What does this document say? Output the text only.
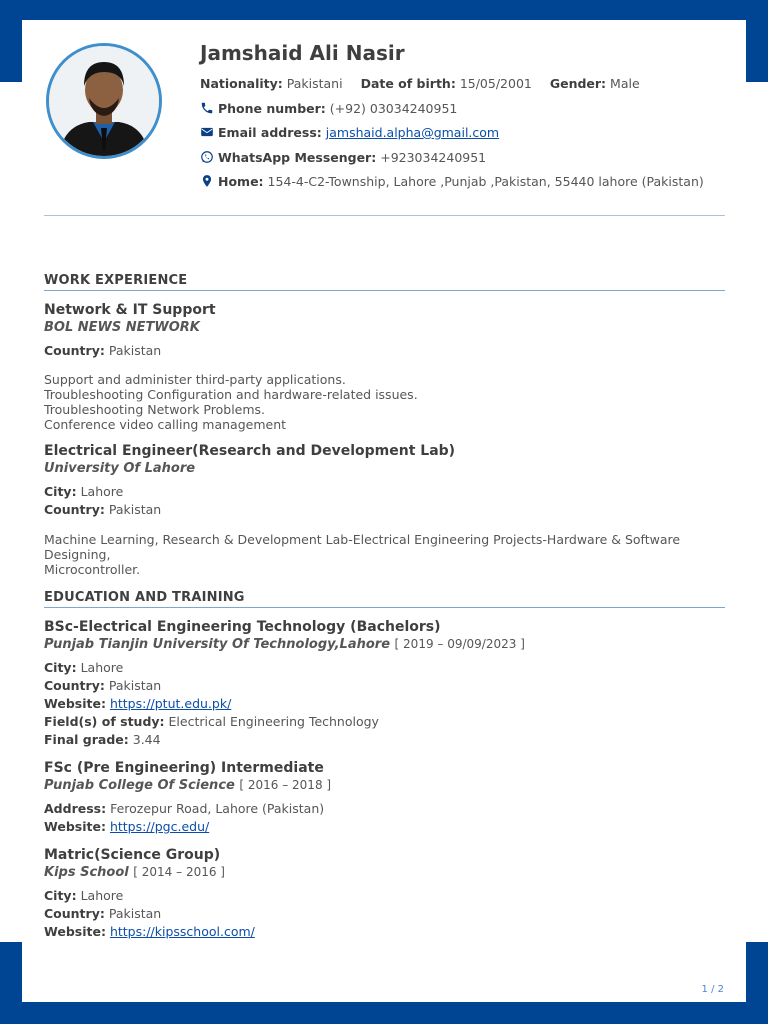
Jamshaid Ali Nasir
Nationality: Pakistani Date of birth: 15/05/2001 Gender: Male
Phone number: (+92) 03034240951
Email address: jamshaid.alpha@gmail.com
WhatsApp Messenger: +923034240951
Home: 154-4-C2-Township, Lahore ,Punjab ,Pakistan, 55440 lahore (Pakistan)
WORK EXPERIENCE
Network & IT Support
BOL NEWS NETWORK
Country: Pakistan
Support and administer third-party applications.
Troubleshooting Configuration and hardware-related issues.
Troubleshooting Network Problems.
Conference video calling management
Electrical Engineer(Research and Development Lab)
University Of Lahore
City: Lahore
Country: Pakistan
Machine Learning, Research & Development Lab-Electrical Engineering Projects-Hardware & Software Designing,
Microcontroller.
EDUCATION AND TRAINING
BSc-Electrical Engineering Technology (Bachelors)
Punjab Tianjin University Of Technology,Lahore [ 2019 – 09/09/2023 ]
City: Lahore
Country: Pakistan
Website: https://ptut.edu.pk/
Field(s) of study: Electrical Engineering Technology
Final grade: 3.44
FSc (Pre Engineering) Intermediate
Punjab College Of Science [ 2016 – 2018 ]
Address: Ferozepur Road, Lahore (Pakistan)
Website: https://pgc.edu/
Matric(Science Group)
Kips School [ 2014 – 2016 ]
City: Lahore
Country: Pakistan
Website: https://kipsschool.com/
1 / 2
